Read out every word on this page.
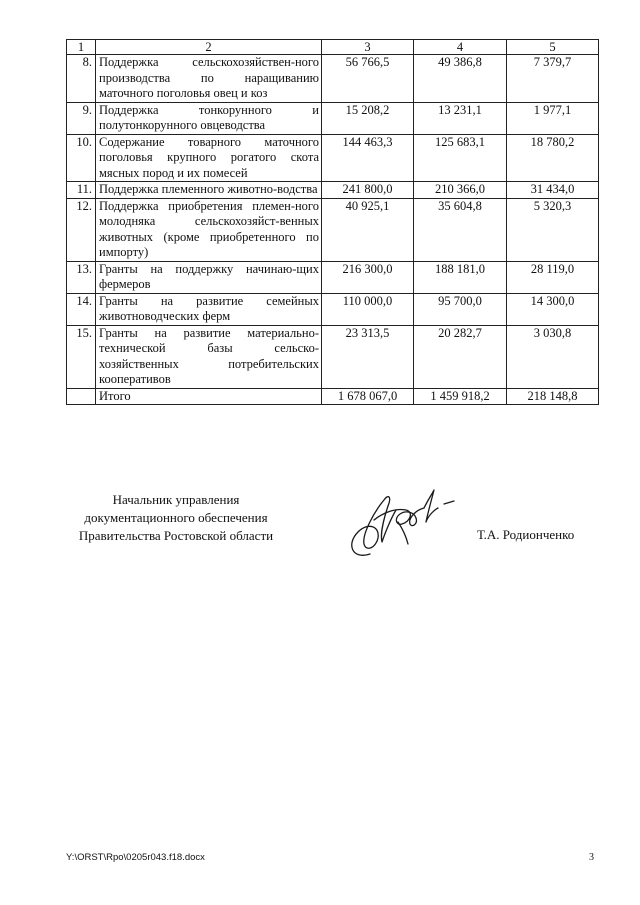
1	2	3	4	5
8.	Поддержка сельскохозяйствен-ного производства по наращиванию маточного поголовья овец и коз	56 766,5	49 386,8	7 379,7
9.	Поддержка тонкорунного и полутонкорунного овцеводства	15 208,2	13 231,1	1 977,1
10.	Содержание товарного маточного поголовья крупного рогатого скота мясных пород и их помесей	144 463,3	125 683,1	18 780,2
11.	Поддержка племенного животно-водства	241 800,0	210 366,0	31 434,0
12.	Поддержка приобретения племен-ного молодняка сельскохозяйст-венных животных (кроме приобретенного по импорту)	40 925,1	35 604,8	5 320,3
13.	Гранты на поддержку начинаю-щих фермеров	216 300,0	188 181,0	28 119,0
14.	Гранты на развитие семейных животноводческих ферм	110 000,0	95 700,0	14 300,0
15.	Гранты на развитие материально-технической базы сельско-хозяйственных потребительских кооперативов	23 313,5	20 282,7	3 030,8
	Итого	1 678 067,0	1 459 918,2	218 148,8
Начальник управления
документационного обеспечения
Правительства Ростовской области	Т.А. Родионченко
Y:\ORST\Rpo\0205r043.f18.docx	3
